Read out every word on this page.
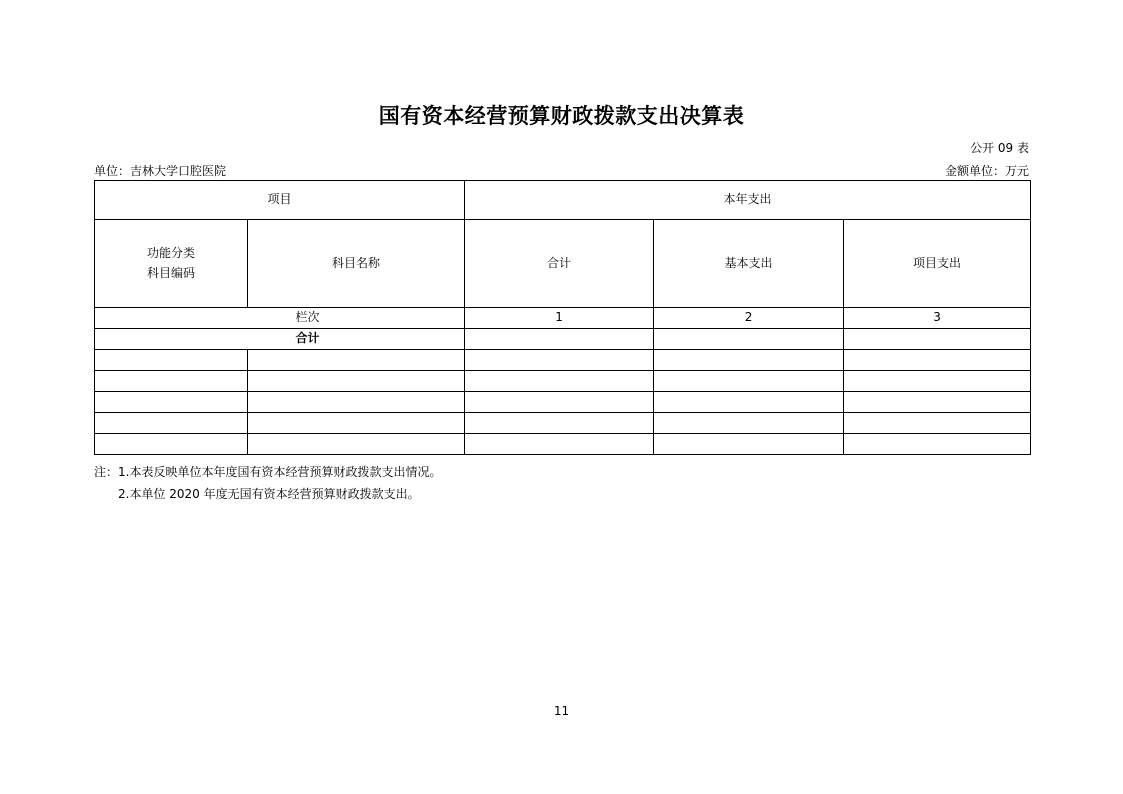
国有资本经营预算财政拨款支出决算表
公开 09 表
单位：吉林大学口腔医院	金额单位：万元
项目		本年支出		

功能分类
科目编码	科目名称	合计	基本支出	项目支出
栏次		1	2	3
合计				

注：1.本表反映单位本年度国有资本经营预算财政拨款支出情况。
2.本单位 2020 年度无国有资本经营预算财政拨款支出。
11
